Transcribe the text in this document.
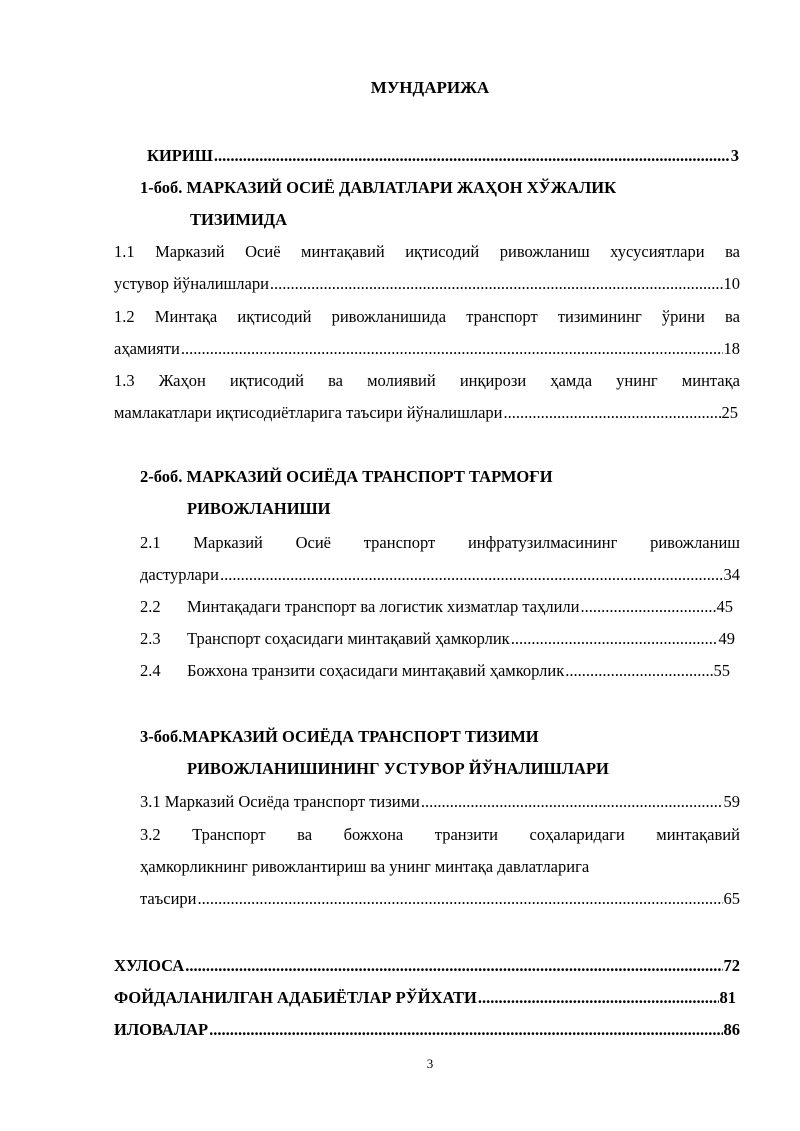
МУНДАРИЖА
КИРИШ .....	3
1-боб. МАРКАЗИЙ ОСИЁ ДАВЛАТЛАРИ ЖАҲОН ХЎЖАЛИК
ТИЗИМИДА
1.1 Марказий Осиё минтақавий иқтисодий ривожланиш хусусиятлари ва
устувор йўналишлари .....	10
1.2 Минтақа иқтисодий ривожланишида транспорт тизимининг ўрини ва
аҳамияти .....	18
1.3 Жаҳон иқтисодий ва молиявий инқирози ҳамда унинг минтақа
мамлакатлари иқтисодиётларига таъсири йўналишлари .....	25
2-боб. МАРКАЗИЙ ОСИЁДА ТРАНСПОРТ ТАРМОҒИ
РИВОЖЛАНИШИ
2.1 Марказий Осиё транспорт инфратузилмасининг ривожланиш
дастурлари .....	34
2.2 Минтақадаги транспорт ва логистик хизматлар таҳлили .....	45
2.3 Транспорт соҳасидаги минтақавий ҳамкорлик .....	49
2.4 Божхона транзити соҳасидаги минтақавий ҳамкорлик .....	55
3-боб.МАРКАЗИЙ ОСИЁДА ТРАНСПОРТ ТИЗИМИ
РИВОЖЛАНИШИНИНГ УСТУВОР ЙЎНАЛИШЛАРИ
3.1 Марказий Осиёда транспорт тизими .....	59
3.2 Транспорт ва божхона транзити соҳаларидаги минтақавий
ҳамкорликнинг ривожлантириш ва унинг минтақа давлатларига
таъсири .....	65
ХУЛОСА .....	72
ФОЙДАЛАНИЛГАН АДАБИЁТЛАР РЎЙХАТИ .....	81
ИЛОВАЛАР .....	86
3
